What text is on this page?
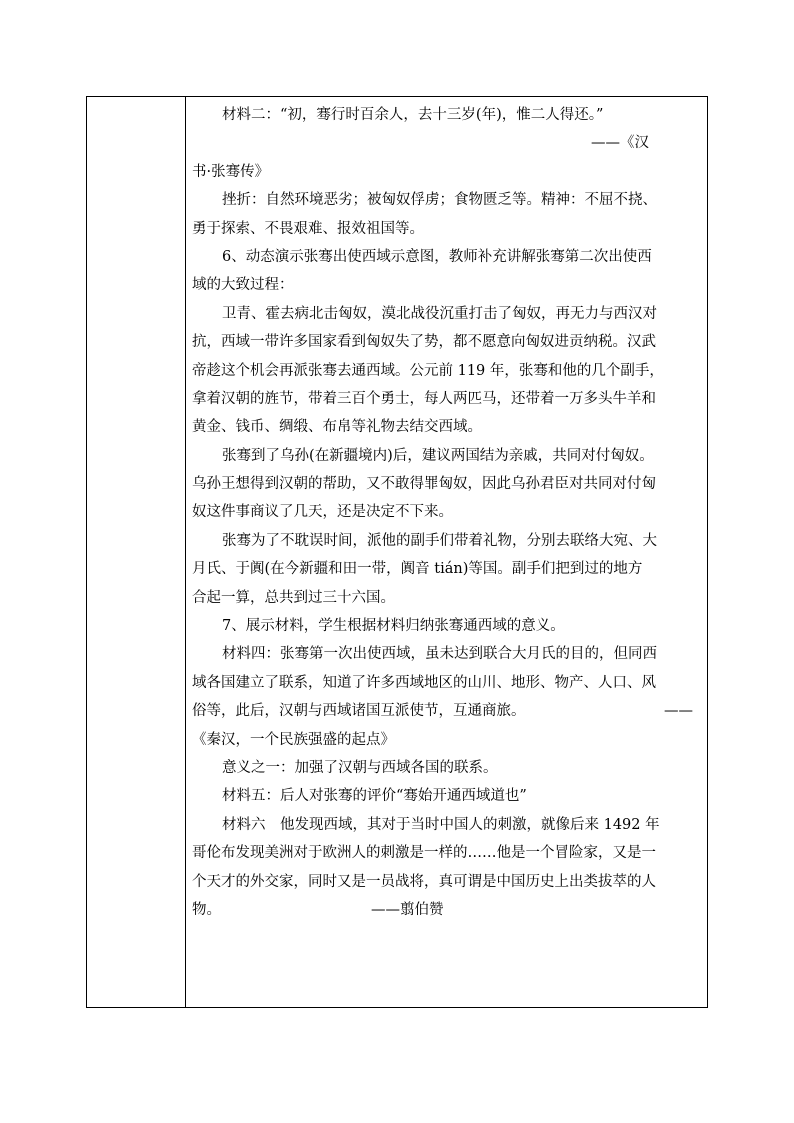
材料二：“初，骞行时百余人，去十三岁(年)，惟二人得还。”
——《汉
书·张骞传》
挫折：自然环境恶劣；被匈奴俘虏；食物匮乏等。精神：不屈不挠、
勇于探索、不畏艰难、报效祖国等。
6、动态演示张骞出使西域示意图，教师补充讲解张骞第二次出使西
域的大致过程：
卫青、霍去病北击匈奴，漠北战役沉重打击了匈奴，再无力与西汉对
抗，西域一带许多国家看到匈奴失了势，都不愿意向匈奴进贡纳税。汉武
帝趁这个机会再派张骞去通西域。公元前 119 年，张骞和他的几个副手，
拿着汉朝的旌节，带着三百个勇士，每人两匹马，还带着一万多头牛羊和
黄金、钱币、绸缎、布帛等礼物去结交西域。
张骞到了乌孙(在新疆境内)后，建议两国结为亲戚，共同对付匈奴。
乌孙王想得到汉朝的帮助，又不敢得罪匈奴，因此乌孙君臣对共同对付匈
奴这件事商议了几天，还是决定不下来。
张骞为了不耽误时间，派他的副手们带着礼物，分别去联络大宛、大
月氏、于阗(在今新疆和田一带，阗音 tián)等国。副手们把到过的地方
合起一算，总共到过三十六国。
7、展示材料，学生根据材料归纳张骞通西域的意义。
材料四：张骞第一次出使西域，虽未达到联合大月氏的目的，但同西
域各国建立了联系，知道了许多西域地区的山川、地形、物产、人口、风
俗等，此后，汉朝与西域诸国互派使节，互通商旅。	——
《秦汉，一个民族强盛的起点》
意义之一：加强了汉朝与西域各国的联系。
材料五：后人对张骞的评价“骞始开通西域道也”
材料六　他发现西域，其对于当时中国人的刺激，就像后来 1492 年
哥伦布发现美洲对于欧洲人的刺激是一样的……他是一个冒险家，又是一
个天才的外交家，同时又是一员战将，真可谓是中国历史上出类拔萃的人
物。	——翦伯赞
